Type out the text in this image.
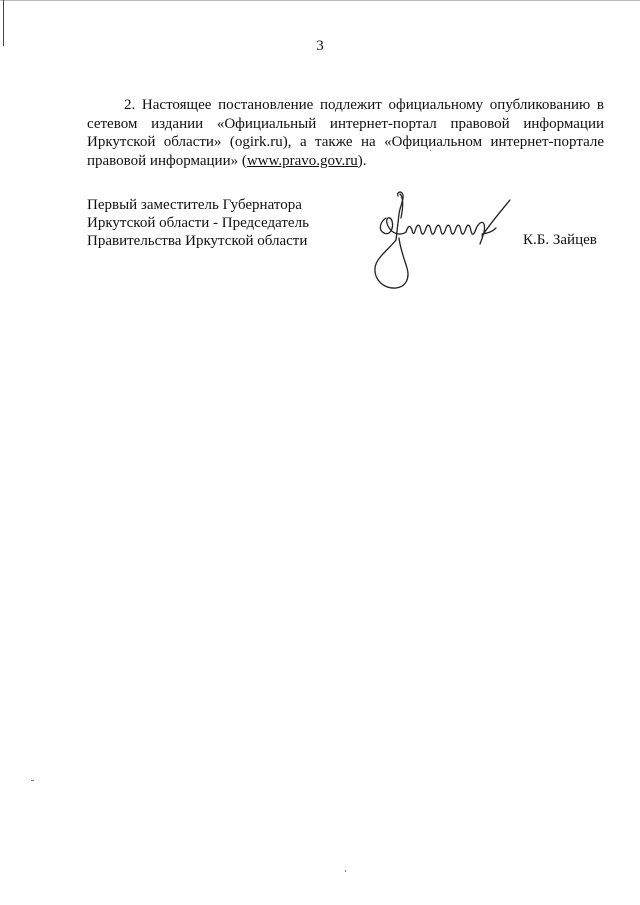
3

2. Настоящее постановление подлежит официальному опубликованию в сетевом издании «Официальный интернет-портал правовой информации Иркутской области» (ogirk.ru), а также на «Официальном интернет-портале правовой информации» (www.pravo.gov.ru).

Первый заместитель Губернатора
Иркутской области - Председатель
Правительства Иркутской области	К.Б. Зайцев
